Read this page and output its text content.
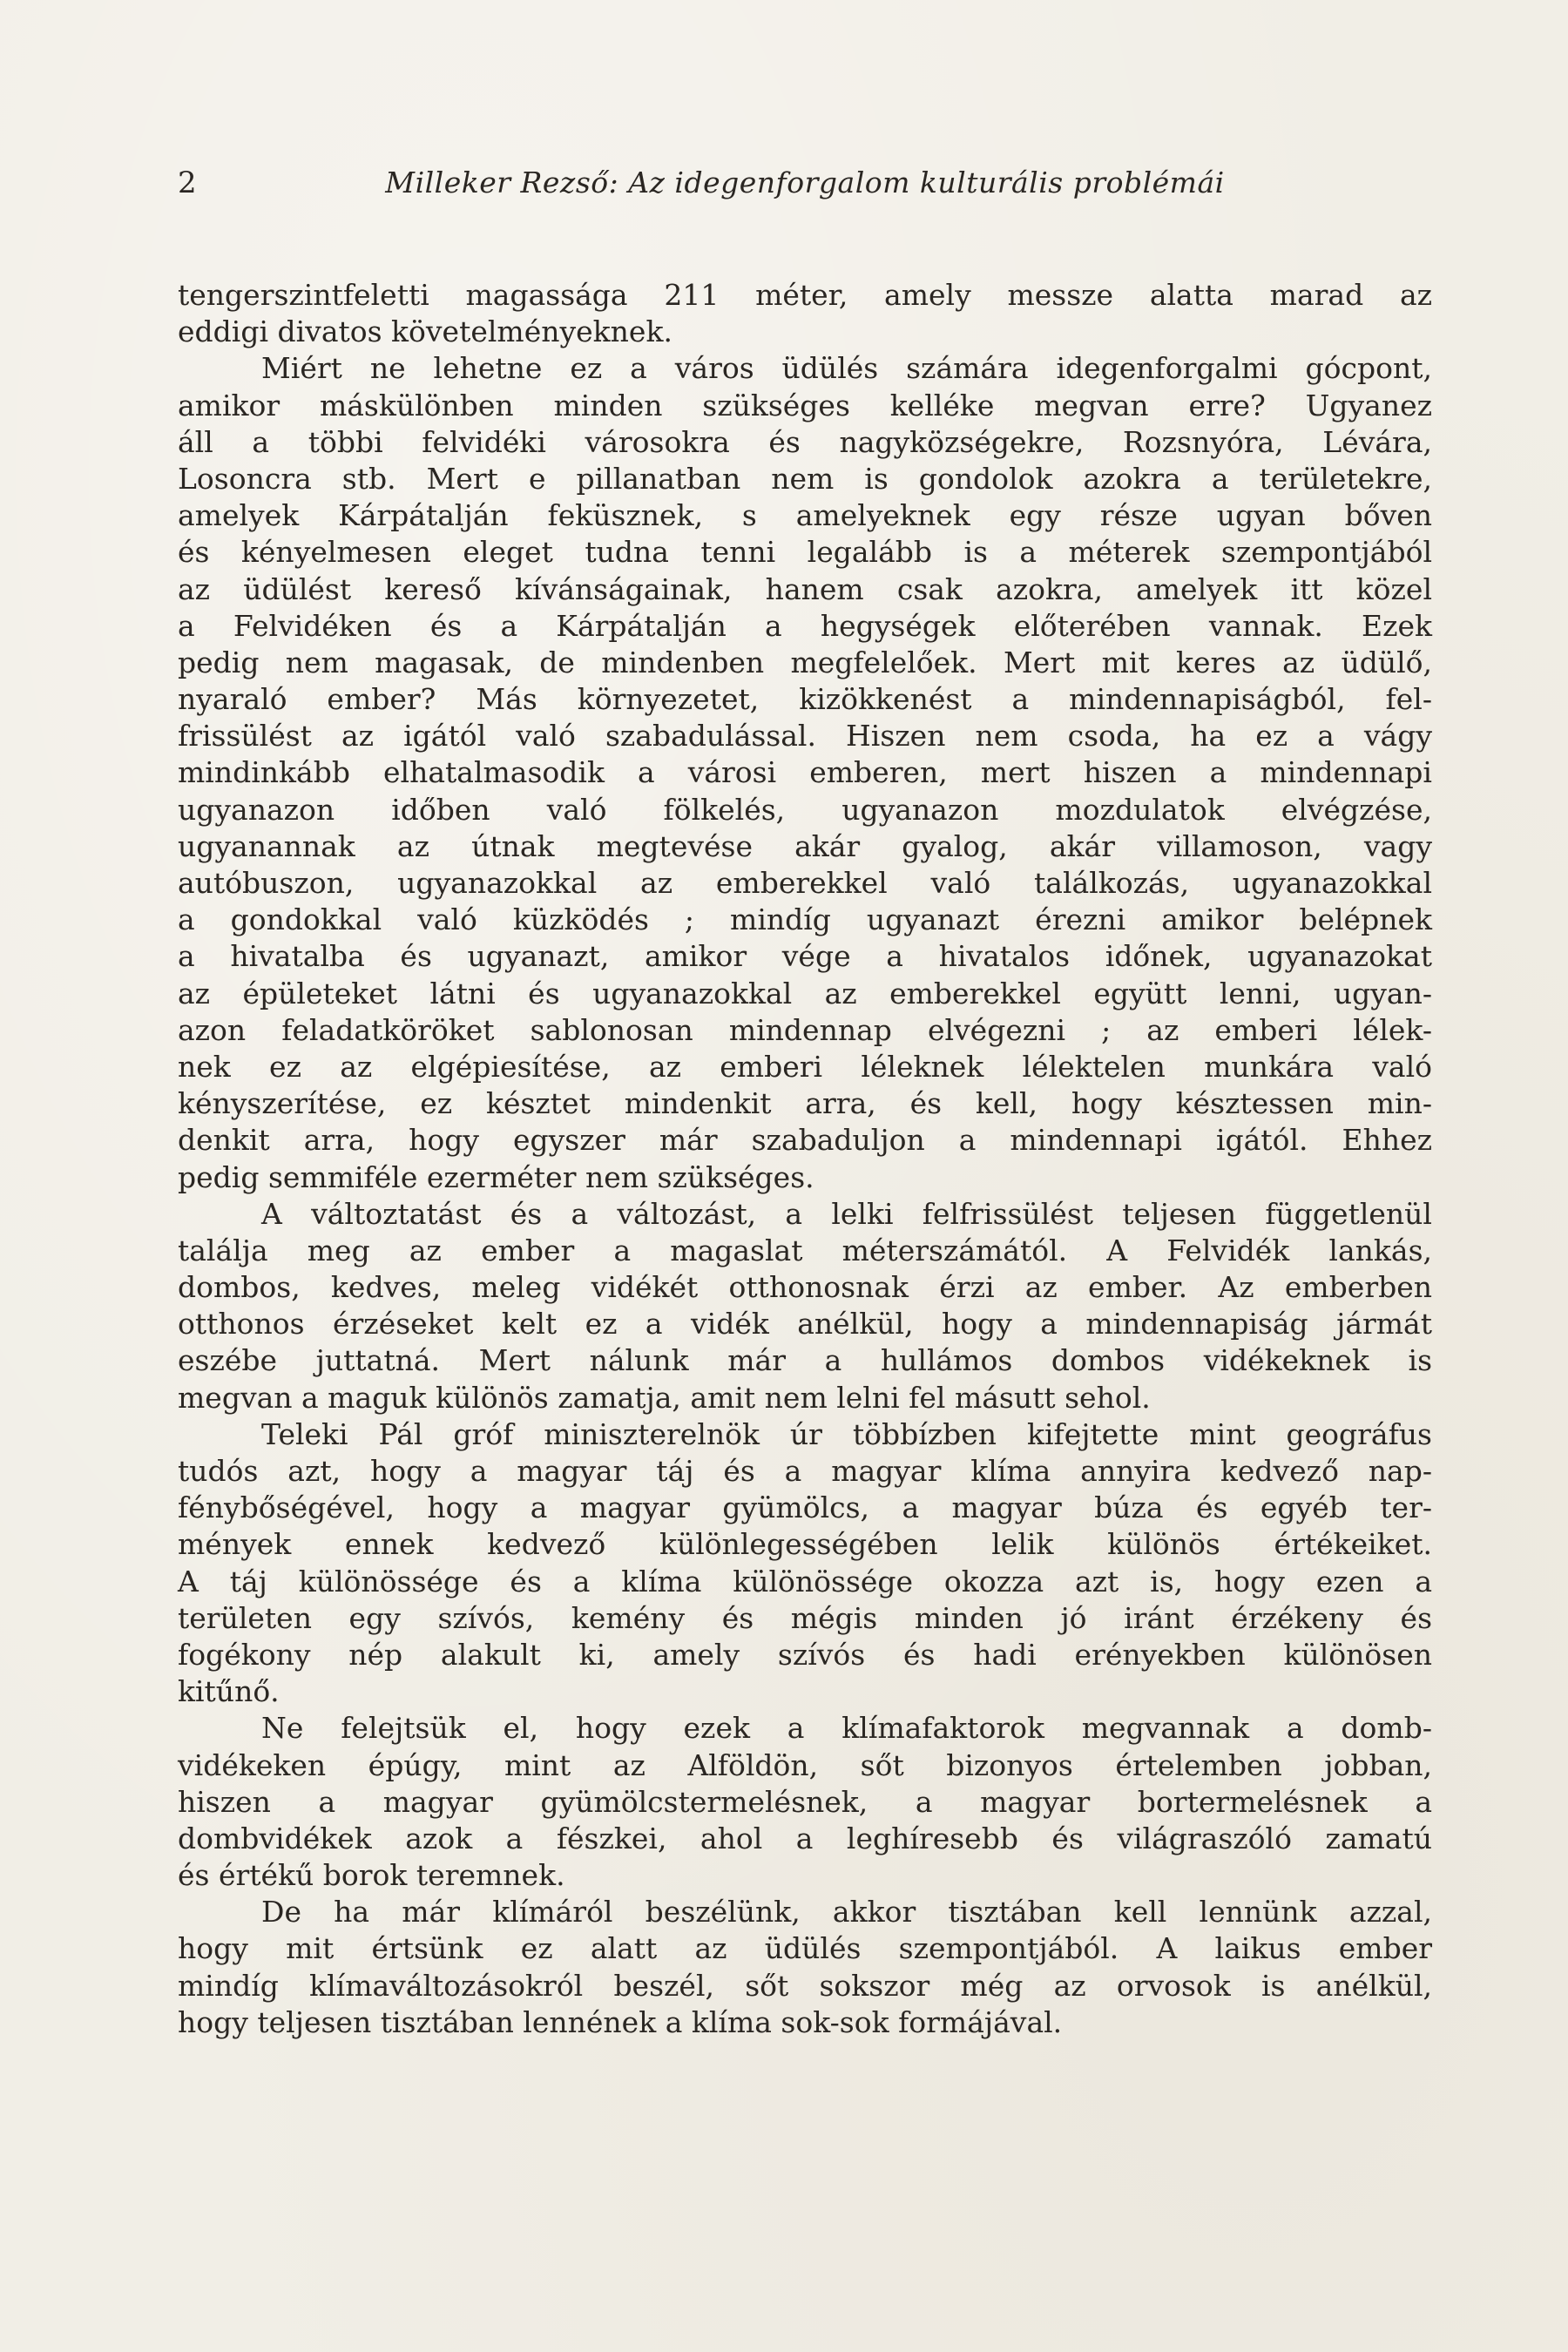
2	Milleker Rezső: Az idegenforgalom kulturális problémái
tengerszintfeletti magassága 211 méter, amely messze alatta marad az
eddigi divatos követelményeknek.
Miért ne lehetne ez a város üdülés számára idegenforgalmi gócpont,
amikor máskülönben minden szükséges kelléke megvan erre? Ugyanez
áll a többi felvidéki városokra és nagyközségekre, Rozsnyóra, Lévára,
Losoncra stb. Mert e pillanatban nem is gondolok azokra a területekre,
amelyek Kárpátalján feküsznek, s amelyeknek egy része ugyan bőven
és kényelmesen eleget tudna tenni legalább is a méterek szempontjából
az üdülést kereső kívánságainak, hanem csak azokra, amelyek itt közel
a Felvidéken és a Kárpátalján a hegységek előterében vannak. Ezek
pedig nem magasak, de mindenben megfelelőek. Mert mit keres az üdülő,
nyaraló ember? Más környezetet, kizökkenést a mindennapiságból, fel-
frissülést az igától való szabadulással. Hiszen nem csoda, ha ez a vágy
mindinkább elhatalmasodik a városi emberen, mert hiszen a mindennapi
ugyanazon időben való fölkelés, ugyanazon mozdulatok elvégzése,
ugyanannak az útnak megtevése akár gyalog, akár villamoson, vagy
autóbuszon, ugyanazokkal az emberekkel való találkozás, ugyanazokkal
a gondokkal való küzködés ; mindíg ugyanazt érezni amikor belépnek
a hivatalba és ugyanazt, amikor vége a hivatalos időnek, ugyanazokat
az épületeket látni és ugyanazokkal az emberekkel együtt lenni, ugyan-
azon feladatköröket sablonosan mindennap elvégezni ; az emberi lélek-
nek ez az elgépiesítése, az emberi léleknek lélektelen munkára való
kényszerítése, ez késztet mindenkit arra, és kell, hogy késztessen min-
denkit arra, hogy egyszer már szabaduljon a mindennapi igától. Ehhez
pedig semmiféle ezerméter nem szükséges.
A változtatást és a változást, a lelki felfrissülést teljesen függetlenül
találja meg az ember a magaslat méterszámától. A Felvidék lankás,
dombos, kedves, meleg vidékét otthonosnak érzi az ember. Az emberben
otthonos érzéseket kelt ez a vidék anélkül, hogy a mindennapiság jármát
eszébe juttatná. Mert nálunk már a hullámos dombos vidékeknek is
megvan a maguk különös zamatja, amit nem lelni fel másutt sehol.
Teleki Pál gróf miniszterelnök úr többízben kifejtette mint geográfus
tudós azt, hogy a magyar táj és a magyar klíma annyira kedvező nap-
fénybőségével, hogy a magyar gyümölcs, a magyar búza és egyéb ter-
mények ennek kedvező különlegességében lelik különös értékeiket.
A táj különössége és a klíma különössége okozza azt is, hogy ezen a
területen egy szívós, kemény és mégis minden jó iránt érzékeny és
fogékony nép alakult ki, amely szívós és hadi erényekben különösen
kitűnő.
Ne felejtsük el, hogy ezek a klímafaktorok megvannak a domb-
vidékeken épúgy, mint az Alföldön, sőt bizonyos értelemben jobban,
hiszen a magyar gyümölcstermelésnek, a magyar bortermelésnek a
dombvidékek azok a fészkei, ahol a leghíresebb és világraszóló zamatú
és értékű borok teremnek.
De ha már klímáról beszélünk, akkor tisztában kell lennünk azzal,
hogy mit értsünk ez alatt az üdülés szempontjából. A laikus ember
mindíg klímaváltozásokról beszél, sőt sokszor még az orvosok is anélkül,
hogy teljesen tisztában lennének a klíma sok-sok formájával.
